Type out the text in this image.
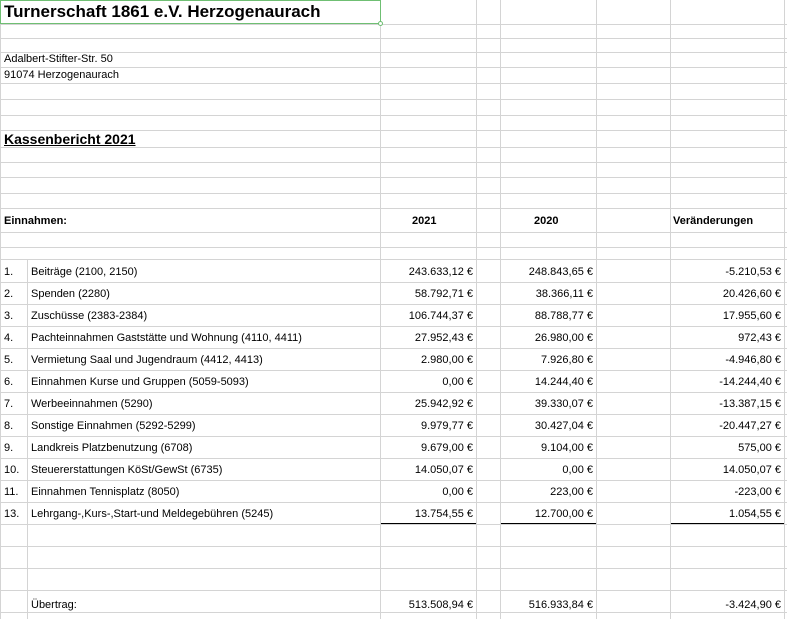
Turnerschaft 1861 e.V. Herzogenaurach
Adalbert-Stifter-Str. 50
91074 Herzogenaurach
Kassenbericht 2021
Einnahmen:	2021	2020	Veränderungen
1. Beiträge (2100, 2150)	243.633,12 €	248.843,65 €	-5.210,53 €
2. Spenden (2280)	58.792,71 €	38.366,11 €	20.426,60 €
3. Zuschüsse (2383-2384)	106.744,37 €	88.788,77 €	17.955,60 €
4. Pachteinnahmen Gaststätte und Wohnung (4110, 4411)	27.952,43 €	26.980,00 €	972,43 €
5. Vermietung Saal und Jugendraum (4412, 4413)	2.980,00 €	7.926,80 €	-4.946,80 €
6. Einnahmen Kurse und Gruppen (5059-5093)	0,00 €	14.244,40 €	-14.244,40 €
7. Werbeeinnahmen (5290)	25.942,92 €	39.330,07 €	-13.387,15 €
8. Sonstige Einnahmen (5292-5299)	9.979,77 €	30.427,04 €	-20.447,27 €
9. Landkreis Platzbenutzung (6708)	9.679,00 €	9.104,00 €	575,00 €
10. Steuererstattungen KöSt/GewSt (6735)	14.050,07 €	0,00 €	14.050,07 €
11. Einnahmen Tennisplatz (8050)	0,00 €	223,00 €	-223,00 €
13. Lehrgang-,Kurs-,Start-und Meldegebühren (5245)	13.754,55 €	12.700,00 €	1.054,55 €
Übertrag:	513.508,94 €	516.933,84 €	-3.424,90 €
